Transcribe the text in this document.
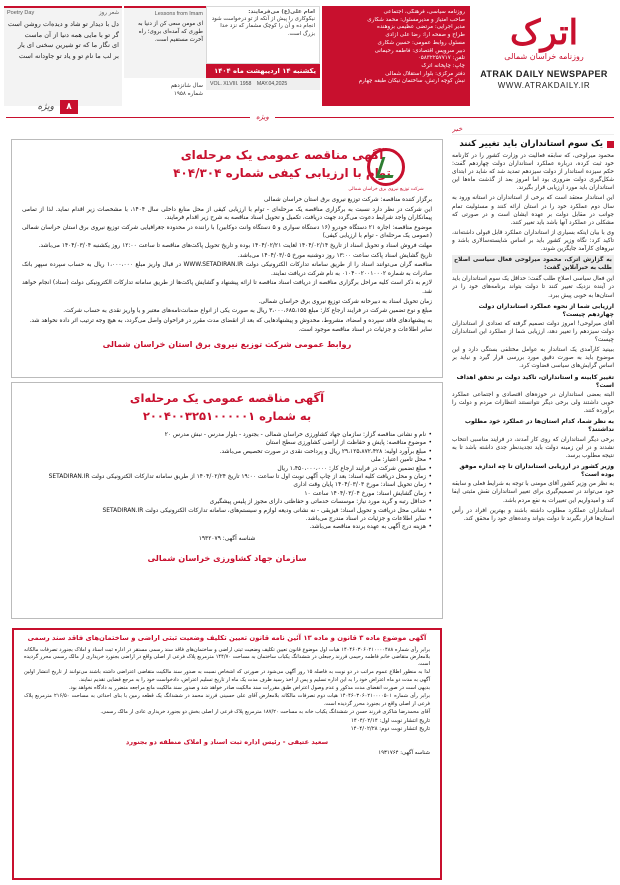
اترک
روزنامه خراسان شمالی
ATRAK DAILY NEWSPAPER
WWW.ATRAKDAILY.IR
روزنامه سیاسی، فرهنگی، اجتماعی
صاحب امتیاز و مدیرمسئول: محمد شکاری
مدیر اجرایی: مرتضی عظیمی بزوهنده
طراح و صفحه آرا: رضا علی آزادی
مسئول روابط عمومی: حسین شکاری
دبیر سرویس اقتصادی: فاطمه رحیمانی
تلفن: ۰۵۸۳۲۲۵۷۷۱۷
چاپ: چاپخانه اترک
دفتر مرکزی: بلوار استقلال شمالی
نبش کوچه ارتش، ساختمان نیکان طبقه چهارم
امام علی(ع) می‌فرمایند:
نیکوکاری را پیش از آنکه از تو درخواست شود انجام ده و آن را کوچک مشمار که نزد خدا بزرگ است.
یکشنبه ۱۴ اردیبهشت ماه ۱۴۰۴
VOL. XLVIII. 1958 MAY.04,2025
Lessons from Imam
ای مومن سعی کن از دنیا به طوری که آمده‌ای بروی؛ راه آخرت مستقیم است.
سال شانزدهم
شماره ۱۹۵۸
شعر روز
Poetry Day
دل با دیدار تو شاد و دیده‌ات روشن است
گر تو با مایی همه دنیا از آن ماست
ای نگار ما که تو شیرین سخنی ای یار
بر لب ما نام تو و یاد تو جاودانه است
۸
ویژه
ویژه
خبر
یک سوم استانداران باید تغییر کنند

محمود میرلوحی، که سابقه فعالیت در وزارت کشور را در کارنامه خود ثبت کرده، درباره عملکرد استانداران دولت چهاردهم گفت: حکم سیزده استاندار از دولت سیزدهم تمدید شد که شاید در ابتدای شکل‌گیری دولت ضروری بود اما امروز بعد از گذشت ماه‌ها این استانداران باید مورد ارزیابی قرار بگیرند.

این استاندار معتقد است که برخی از استانداران در استانه ورود به سال دوم عملکرد خود را در استان ارائه کنند و مسئولیت تمام جوانب در مقابل دولت بر عهده ایشان است و در صورتی که مشکلی در عملکرد آنها باشد باید تغییر کنند.

وی با بیان اینکه بسیاری از استانداران عملکرد قابل قبولی داشته‌اند، تاکید کرد: نگاه وزیر کشور باید بر اساس شایسته‌سالاری باشد و نیروهای کارآمد جایگزین شوند.

به گزارش اترک، محمود میرلوحی فعال سیاسی اصلاح طلب به خبرآنلاین گفت:

این فعال سیاسی اصلاح طلب گفت: حداقل یک سوم استانداران باید در آینده نزدیک تغییر کنند تا دولت بتواند برنامه‌های خود را در استان‌ها به خوبی پیش ببرد.

ارزیابی شما از نحوه عملکرد استانداران دولت چهاردهم چیست؟

آقای میرلوحی! امروز دولت تصمیم گرفته که تعدادی از استانداران دولت سیزدهم را تغییر دهد، ارزیابی شما از عملکرد این استانداران چیست؟

ببینید کارآمدی یک استاندار به عوامل مختلفی بستگی دارد و این موضوع باید به صورت دقیق مورد بررسی قرار گیرد و نباید بر اساس گرایش‌های سیاسی قضاوت کرد.

تغییر کابینه و استانداران، تاکید دولت بر تحقق اهداف است؟

البته بعضی استانداران در حوزه‌های اقتصادی و اجتماعی عملکرد خوبی داشتند ولی برخی دیگر نتوانستند انتظارات مردم و دولت را برآورده کنند.

به نظر شما، کدام استان‌ها در عملکرد خود مطلوب نداشتند؟

برخی دیگر استانداران که روی کار آمدند، در فرایند مناسبی انتخاب نشدند و در این زمینه دولت باید تجدیدنظر جدی داشته باشد تا به نتیجه مطلوب برسد.

وزیر کشور در ارزیابی استانداران تا چه اندازه موفق بوده است؟

به نظر من وزیر کشور آقای مومنی با توجه به شرایط فعلی و سابقه خود می‌تواند در تصمیم‌گیری برای تغییر استانداران نقش مثبتی ایفا کند و امیدواریم این تغییرات به نفع مردم باشد.

استانداران عملکرد مطلوب داشته باشند و بهترین افراد در رأس استان‌ها قرار بگیرند تا دولت بتواند وعده‌های خود را محقق کند.

شرکت توزیع نیروی برق خراسان شمالی
آگهی مناقصه عمومی یک مرحله‌ای
توام با ارزیابی کیفی شماره ۴۰۴/۳۰۴

برگزار کننده مناقصه: شرکت توزیع نیروی برق استان خراسان شمالی

این شرکت در نظر دارد نسبت به برگزاری مناقصه یک مرحله‌ای - توام با ارزیابی کیفی از محل منابع داخلی سال ۱۴۰۴، با مشخصات زیر اقدام نماید. لذا از تمامی پیمانکاران واجد شرایط دعوت می‌گردد جهت دریافت، تکمیل و تحویل اسناد مناقصه به شرح زیر اقدام فرمایند.

موضوع مناقصه: اجاره ۲۱ دستگاه خودرو (۱۶ دستگاه سواری و ۵ دستگاه وانت دوکابین) با راننده در محدوده جغرافیایی شرکت توزیع نیروی برق استان خراسان شمالی (عمومی یک مرحله‌ای - توام با ارزیابی کیفی)

مهلت فروش اسناد و تحویل اسناد از تاریخ ۱۴۰۴/۰۲/۱۴ لغایت ۱۴۰۴/۰۲/۲۱ بوده و تاریخ تحویل پاکت‌های مناقصه تا ساعت ۱۲:۰۰ روز یکشنبه ۱۴۰۴/۰۳/۰۴ می‌باشد.

تاریخ گشایش اسناد پاکت ساعت ۱۳:۰۰ روز دوشنبه مورخ ۱۴۰۴/۰۳/۰۵ می‌باشد.

مناقصه گران می‌توانند اسناد را از طریق سامانه تدارکات الکترونیکی دولت WWW.SETADIRAN.IR در قبال واریز مبلغ ۱،۰۰۰،۰۰۰ ریال به حساب سپرده سپهر بانک صادرات به شماره ۰۱۰۴۰۰۲۰۰۱۰۰۰۲ به نام شرکت دریافت نمایند.

لازم به ذکر است کلیه مراحل برگزاری مناقصه از دریافت اسناد مناقصه تا ارائه پیشنهاد و گشایش پاکت‌ها از طریق سامانه تدارکات الکترونیکی دولت (ستاد) انجام خواهد شد.

زمان تحویل اسناد به دبیرخانه شرکت توزیع نیروی برق خراسان شمالی.

مبلغ و نوع تضمین شرکت در فرایند ارجاع کار: مبلغ ۳،۰۰۰،۶۸۵،۱۵۵ ریال به صورت یکی از انواع ضمانت‌نامه‌های معتبر و یا واریز نقدی به حساب شرکت.

به پیشنهادهای فاقد سپرده و امضاء، مشروط، مخدوش و پیشنهادهایی که بعد از انقضای مدت مقرر در فراخوان واصل می‌گردد، به هیچ وجه ترتیب اثر داده نخواهد شد.

سایر اطلاعات و جزئیات در اسناد مناقصه موجود است.

روابط عمومی شرکت توزیع نیروی برق استان خراسان شمالی
آگهی مناقصه عمومی یک مرحله‌ای
به شماره ۲۰۰۴۰۰۳۲۵۱۰۰۰۰۰۱
• نام و نشانی مناقصه گزار: سازمان جهاد کشاورزی خراسان شمالی - بجنورد - بلوار مدرس - نبش مدرس ۲۰
• موضوع مناقصه: پایش و حفاظت از اراضی کشاورزی سطح استان
• مبلغ برآورد اولیه: ۲۹،۱۲۵،۸۷۲،۴۲۸ ریال و پرداخت نقدی در صورت تخصیص می‌باشد.
• محل تامین اعتبار: ملی
• مبلغ تضمین شرکت در فرایند ارجاع کار: ۱،۴۵۰،۰۰۰،۰۰۰ ریال
• زمان و محل دریافت کلیه اسناد: بعد از چاپ آگهی نوبت اول تا ساعت ۱۹:۰۰ تاریخ ۱۴۰۴/۰۲/۲۴ از طریق سامانه تدارکات الکترونیکی دولت SETADIRAN.IR
• زمان تحویل اسناد: مورخ ۱۴۰۴/۰۳/۰۳ پایان وقت اداری
• زمان گشایش اسناد: مورخ ۱۴۰۴/۰۳/۰۴ ساعت ۱۰
• حداقل رتبه و گرید مورد نیاز: موسسات خدماتی و حفاظتی دارای مجوز از پلیس پیشگیری
• نشانی محل دریافت و تحویل اسناد: قیزیقی - نه نشانی ودیعه لوازم و سیستم‌های، سامانه تدارکات الکترونیکی دولت SETADIRAN.IR
• سایر اطلاعات و جزئیات در اسناد مندرج می‌باشد.
• هزینه درج آگهی به عهده برنده مناقصه می‌باشد.
شناسه آگهی: ۱۹۳۲۰۷۹
سازمان جهاد کشاورزی خراسان شمالی
آگهی موضوع ماده ۳ قانون و ماده ۱۳ آئین نامه قانون تعیین تکلیف وضعیت ثبتی اراضی و ساختمان‌های فاقد سند رسمی

برابر رأی شماره ۱۴۰۴۶۰۳۰۶۰۲۱۰۰۰۰۴۸۸ هیات اول موضوع قانون تعیین تکلیف وضعیت ثبتی اراضی و ساختمان‌های فاقد سند رسمی مستقر در اداره ثبت اسناد و املاک بجنورد تصرفات مالکانه بلامعارض متقاضی خانم فاطمه رحیمی فرزند رجبعلی در ششدانگ یکباب ساختمان به مساحت ۱۴۴/۷۰ مترمربع پلاک فرعی از اصلی واقع در اراضی بجنورد خریداری از مالک رسمی محرز گردیده است.

لذا به منظور اطلاع عموم مراتب در دو نوبت به فاصله ۱۵ روز آگهی می‌شود در صورتی که اشخاص نسبت به صدور سند مالکیت متقاضی اعتراضی داشته باشند می‌توانند از تاریخ انتشار اولین آگهی به مدت دو ماه اعتراض خود را به این اداره تسلیم و پس از اخذ رسید ظرف مدت یک ماه از تاریخ تسلیم اعتراض، دادخواست خود را به مرجع قضایی تقدیم نمایند.

بدیهی است در صورت انقضای مدت مذکور و عدم وصول اعتراض طبق مقررات سند مالکیت صادر خواهد شد و صدور سند مالکیت مانع مراجعه متضرر به دادگاه نخواهد بود.

برابر رأی شماره ۱۴۰۴۶۰۳۰۶۰۲۱۰۰۰۰۵۰۱ هیات دوم تصرفات مالکانه بلامعارض آقای علی حسینی فرزند محمد در ششدانگ یک قطعه زمین با بنای احداثی به مساحت ۲۱۶/۵۰ مترمربع پلاک فرعی از اصلی واقع در بجنورد محرز گردیده است.

آقای محمدرضا شاکری فرزند حسن در ششدانگ یکباب خانه به مساحت ۱۸۷/۲۰ مترمربع پلاک فرعی از اصلی بخش دو بجنورد خریداری عادی از مالک رسمی.

تاریخ انتشار نوبت اول: ۱۴۰۴/۰۲/۱۴
تاریخ انتشار نوبت دوم: ۱۴۰۴/۰۲/۲۸
سعید عتیقی - رئیس اداره ثبت اسناد و املاک منطقه دو بجنورد
شناسه آگهی: ۱۹۳۱۷۶۴
